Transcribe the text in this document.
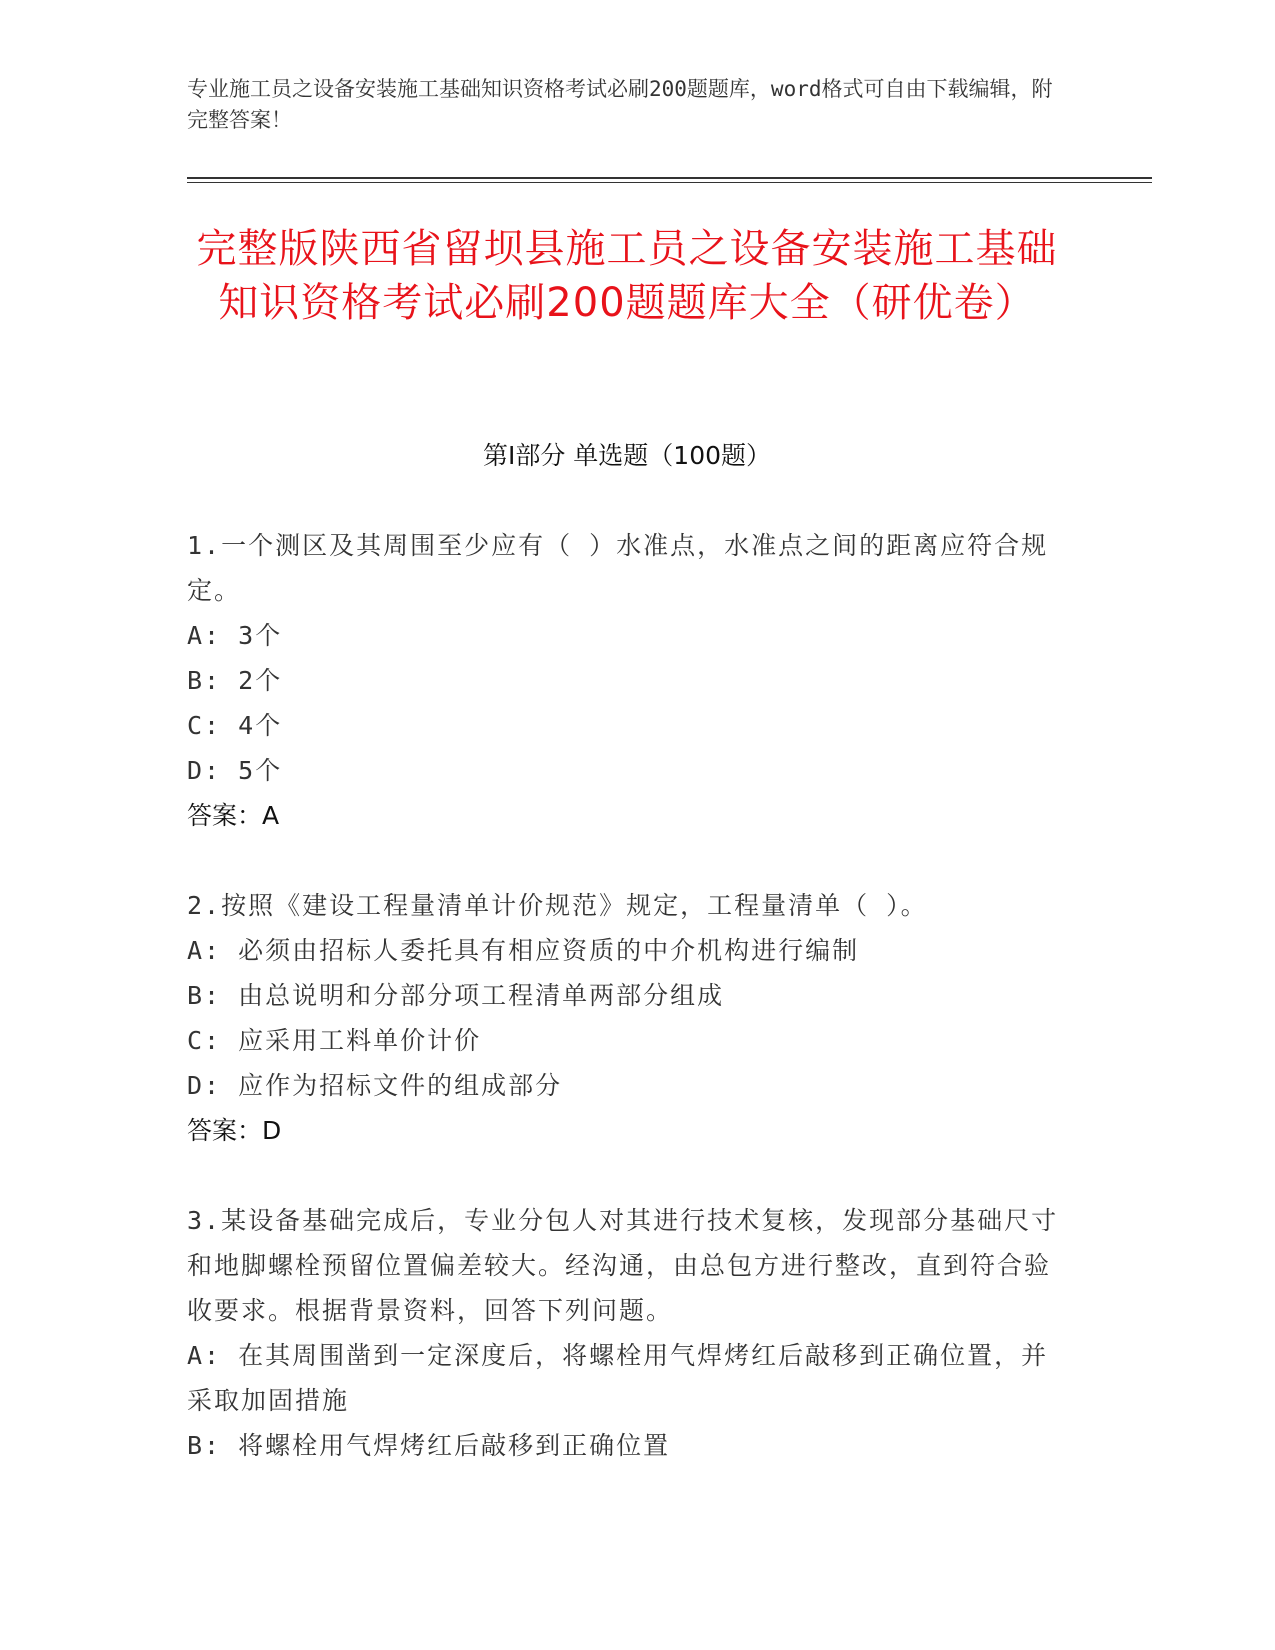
专业施工员之设备安装施工基础知识资格考试必刷200题题库，word格式可自由下载编辑，附完整答案！
完整版陕西省留坝县施工员之设备安装施工基础知识资格考试必刷200题题库大全（研优卷）
第I部分 单选题（100题）
1.一个测区及其周围至少应有（ ）水准点，水准点之间的距离应符合规定。
A: 3个
B: 2个
C: 4个
D: 5个
答案：A
2.按照《建设工程量清单计价规范》规定，工程量清单（ ）。
A: 必须由招标人委托具有相应资质的中介机构进行编制
B: 由总说明和分部分项工程清单两部分组成
C: 应采用工料单价计价
D: 应作为招标文件的组成部分
答案：D
3.某设备基础完成后，专业分包人对其进行技术复核，发现部分基础尺寸和地脚螺栓预留位置偏差较大。经沟通，由总包方进行整改，直到符合验收要求。根据背景资料，回答下列问题。
A: 在其周围凿到一定深度后，将螺栓用气焊烤红后敲移到正确位置，并采取加固措施
B: 将螺栓用气焊烤红后敲移到正确位置
